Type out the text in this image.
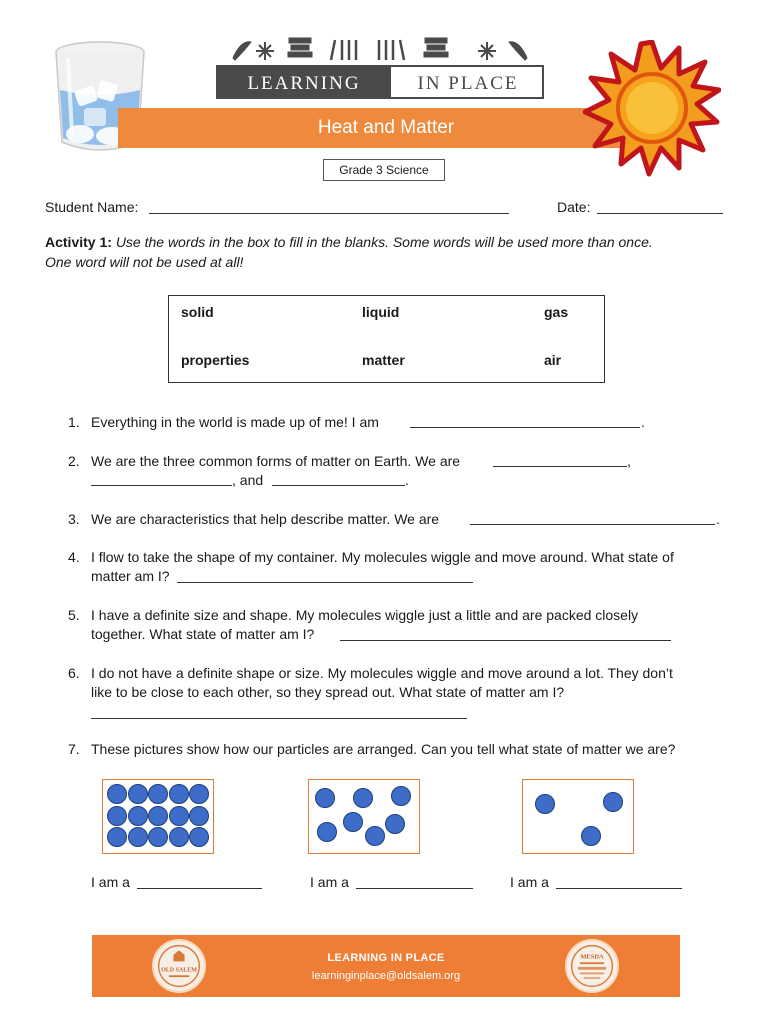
LEARNING	IN PLACE
Heat and Matter
Grade 3 Science
Student Name:	Date:
Activity 1: Use the words in the box to fill in the blanks. Some words will be used more than once.
One word will not be used at all!
solid	liquid	gas
properties	matter	air
1. Everything in the world is made up of me! I am	.
2. We are the three common forms of matter on Earth. We are	,
, and	.
3. We are characteristics that help describe matter. We are	.
4. I flow to take the shape of my container. My molecules wiggle and move around. What state of
matter am I?
5. I have a definite size and shape. My molecules wiggle just a little and are packed closely
together. What state of matter am I?
6. I do not have a definite shape or size. My molecules wiggle and move around a lot. They don’t
like to be close to each other, so they spread out. What state of matter am I?
7. These pictures show how our particles are arranged. Can you tell what state of matter we are?
I am a	I am a	I am a
OLD SALEM
LEARNING IN PLACE
learninginplace@oldsalem.org
MESDA
